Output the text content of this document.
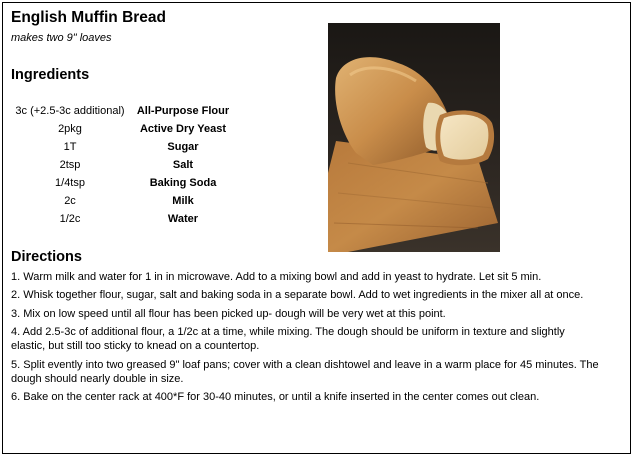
English Muffin Bread
makes two 9" loaves
Ingredients
3c (+2.5-3c additional)	All-Purpose Flour
2pkg	Active Dry Yeast
1T	Sugar
2tsp	Salt
1/4tsp	Baking Soda
2c	Milk
1/2c	Water
Directions
1. Warm milk and water for 1 in in microwave. Add to a mixing bowl and add in yeast to hydrate. Let sit 5 min.
2. Whisk together flour, sugar, salt and baking soda in a separate bowl. Add to wet ingredients in the mixer all at once.
3. Mix on low speed until all flour has been picked up- dough will be very wet at this point.
4. Add 2.5-3c of additional flour, a 1/2c at a time, while mixing. The dough should be uniform in texture and slightly elastic, but still too sticky to knead on a countertop.
5. Split evently into two greased 9" loaf pans; cover with a clean dishtowel and leave in a warm place for 45 minutes. The dough should nearly double in size.
6. Bake on the center rack at 400*F for 30-40 minutes, or until a knife inserted in the center comes out clean.
